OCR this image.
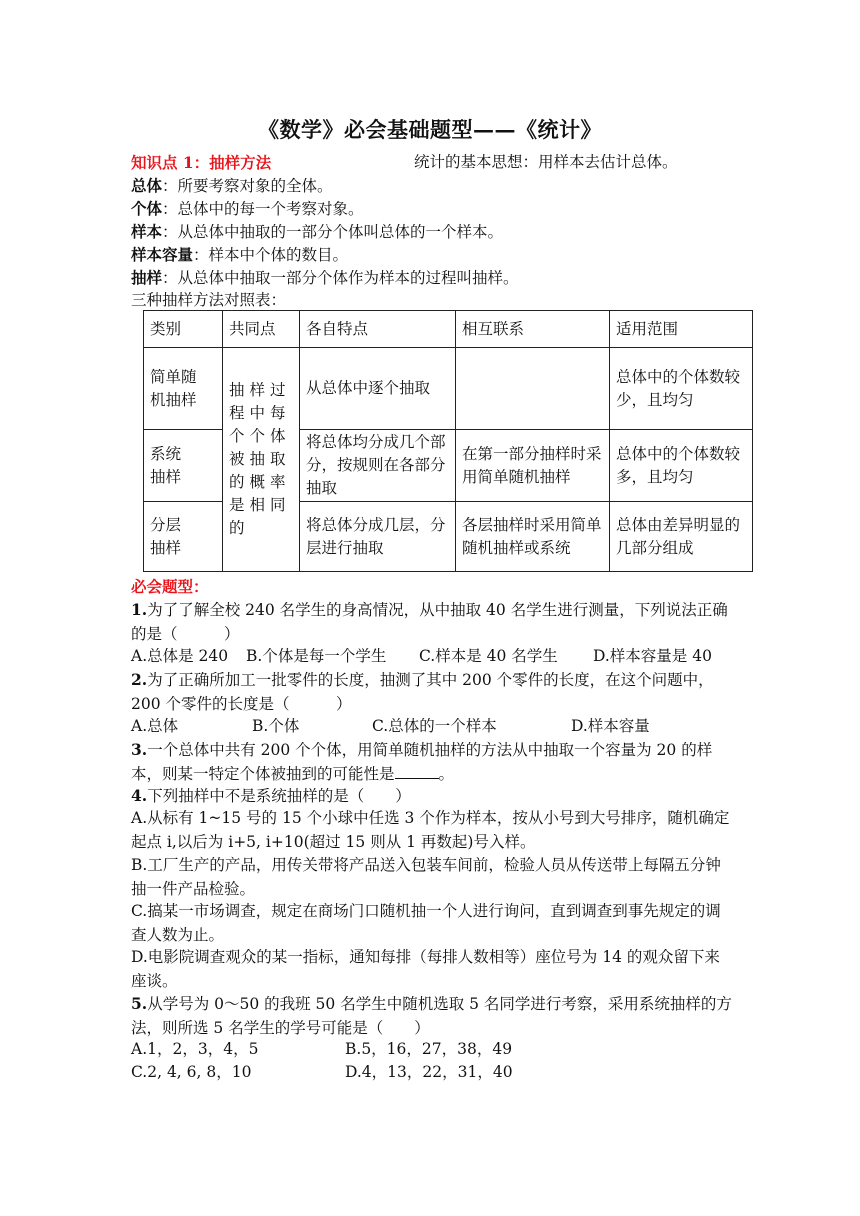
《数学》必会基础题型——《统计》
知识点 1：抽样方法	统计的基本思想：用样本去估计总体。
总体：所要考察对象的全体。
个体：总体中的每一个考察对象。
样本：从总体中抽取的一部分个体叫总体的一个样本。
样本容量：样本中个体的数目。
抽样：从总体中抽取一部分个体作为样本的过程叫抽样。
三种抽样方法对照表：
类别	共同点	各自特点	相互联系	适用范围

简单随机抽样	抽样过程中每个个体被抽取的概率是相同的	从总体中逐个抽取		总体中的个体数较少，且均匀

系统抽样		将总体均分成几个部分，按规则在各部分抽取	在第一部分抽样时采用简单随机抽样	总体中的个体数较多，且均匀

分层抽样		将总体分成几层，分层进行抽取	各层抽样时采用简单随机抽样或系统	总体由差异明显的几部分组成
必会题型：
1.为了了解全校 240 名学生的身高情况，从中抽取 40 名学生进行测量，下列说法正确的是（　　　）
A.总体是 240 B.个体是每一个学生 C.样本是 40 名学生 D.样本容量是 40
2.为了正确所加工一批零件的长度，抽测了其中 200 个零件的长度，在这个问题中，200 个零件的长度是（　　　）
A.总体	B.个体	C.总体的一个样本	D.样本容量
3.一个总体中共有 200 个个体，用简单随机抽样的方法从中抽取一个容量为 20 的样本，则某一特定个体被抽到的可能性是	。
4.下列抽样中不是系统抽样的是（　　）
A.从标有 1~15 号的 15 个小球中任选 3 个作为样本，按从小号到大号排序，随机确定起点 i,以后为 i+5, i+10(超过 15 则从 1 再数起)号入样。
B.工厂生产的产品，用传关带将产品送入包装车间前，检验人员从传送带上每隔五分钟抽一件产品检验。
C.搞某一市场调查，规定在商场门口随机抽一个人进行询问，直到调查到事先规定的调查人数为止。
D.电影院调查观众的某一指标，通知每排（每排人数相等）座位号为 14 的观众留下来座谈。
5.从学号为 0～50 的我班 50 名学生中随机选取 5 名同学进行考察，采用系统抽样的方法，则所选 5 名学生的学号可能是（　　）
A.1，2，3，4，5	B.5，16，27，38，49
C.2, 4, 6, 8，10	D.4，13，22，31，40
